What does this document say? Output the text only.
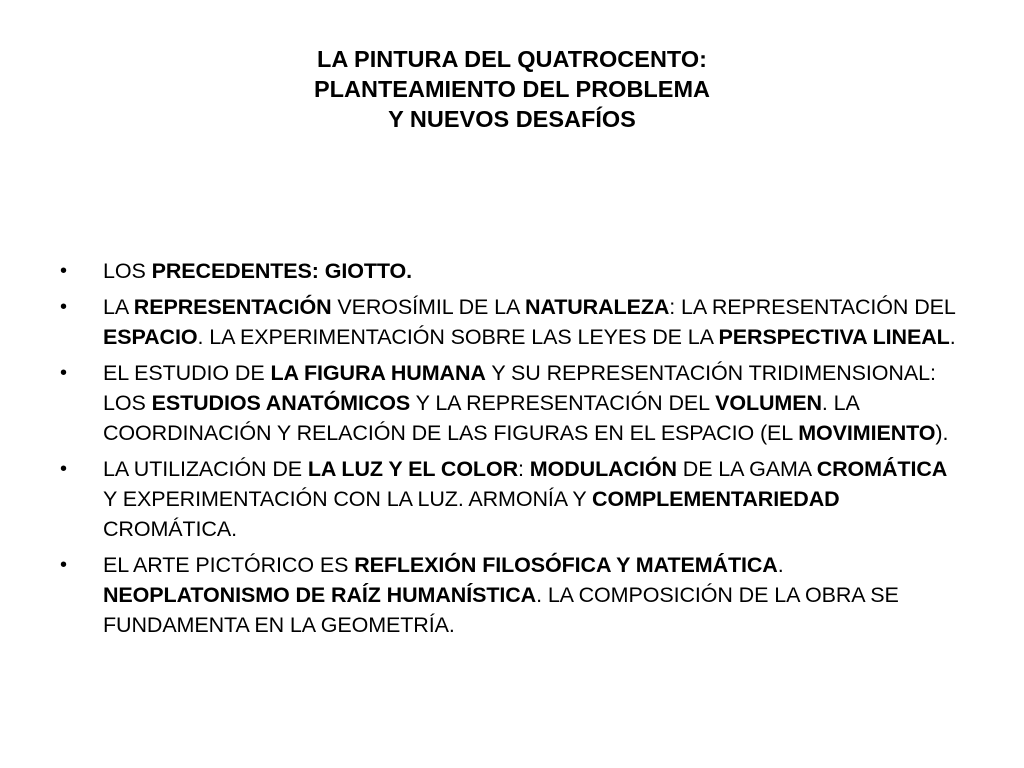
LA PINTURA DEL QUATROCENTO:
PLANTEAMIENTO DEL PROBLEMA
Y NUEVOS DESAFÍOS
• LOS PRECEDENTES: GIOTTO.
• LA REPRESENTACIÓN VEROSÍMIL DE LA NATURALEZA: LA REPRESENTACIÓN DEL ESPACIO. LA EXPERIMENTACIÓN SOBRE LAS LEYES DE LA PERSPECTIVA LINEAL.
• EL ESTUDIO DE LA FIGURA HUMANA Y SU REPRESENTACIÓN TRIDIMENSIONAL: LOS ESTUDIOS ANATÓMICOS Y LA REPRESENTACIÓN DEL VOLUMEN. LA COORDINACIÓN Y RELACIÓN DE LAS FIGURAS EN EL ESPACIO (EL MOVIMIENTO).
• LA UTILIZACIÓN DE LA LUZ Y EL COLOR: MODULACIÓN DE LA GAMA CROMÁTICA Y EXPERIMENTACIÓN CON LA LUZ. ARMONÍA Y COMPLEMENTARIEDAD CROMÁTICA.
• EL ARTE PICTÓRICO ES REFLEXIÓN FILOSÓFICA Y MATEMÁTICA. NEOPLATONISMO DE RAÍZ HUMANÍSTICA. LA COMPOSICIÓN DE LA OBRA SE FUNDAMENTA EN LA GEOMETRÍA.
